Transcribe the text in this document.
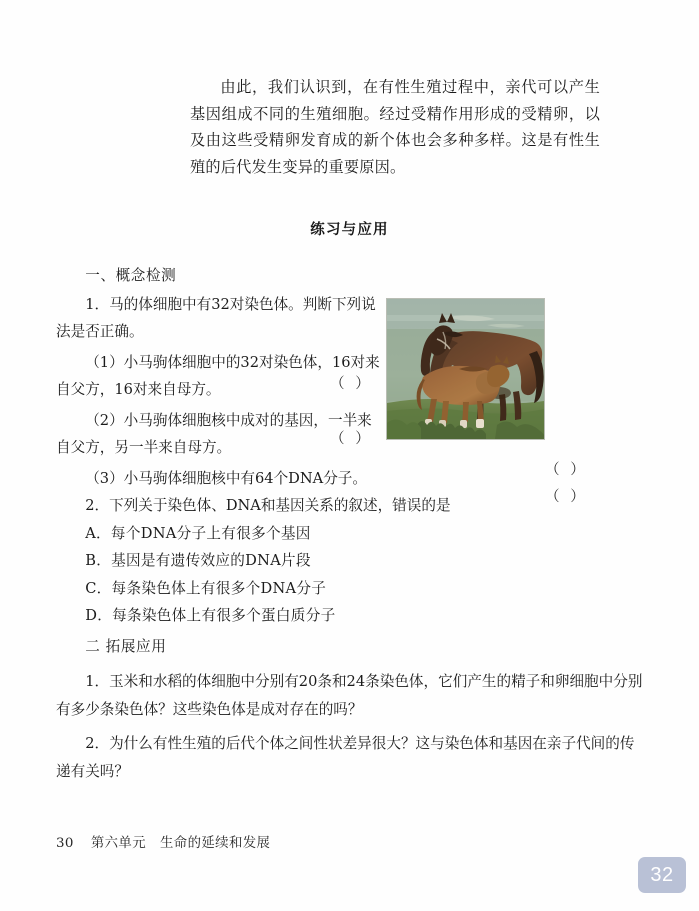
由此，我们认识到，在有性生殖过程中，亲代可以产生基因组成不同的生殖细胞。经过受精作用形成的受精卵，以及由这些受精卵发育成的新个体也会多种多样。这是有性生殖的后代发生变异的重要原因。
练习与应用
一、概念检测

1．马的体细胞中有32对染色体。判断下列说法是否正确。

（1）小马驹体细胞中的32对染色体，16对来自父方，16对来自母方。

（2）小马驹体细胞核中成对的基因，一半来自父方，另一半来自母方。

（3）小马驹体细胞核中有64个DNA分子。

2．下列关于染色体、DNA和基因关系的叙述，错误的是

A．每个DNA分子上有很多个基因

B．基因是有遗传效应的DNA片段

C．每条染色体上有很多个DNA分子

D．每条染色体上有很多个蛋白质分子

二 拓展应用

1．玉米和水稻的体细胞中分别有20条和24条染色体，它们产生的精子和卵细胞中分别有多少条染色体？这些染色体是成对存在的吗？

2．为什么有性生殖的后代个体之间性状差异很大？这与染色体和基因在亲子代间的传递有关吗？

（ ）
（ ）
（ ）
（ ）
30 第六单元 生命的延续和发展
32
